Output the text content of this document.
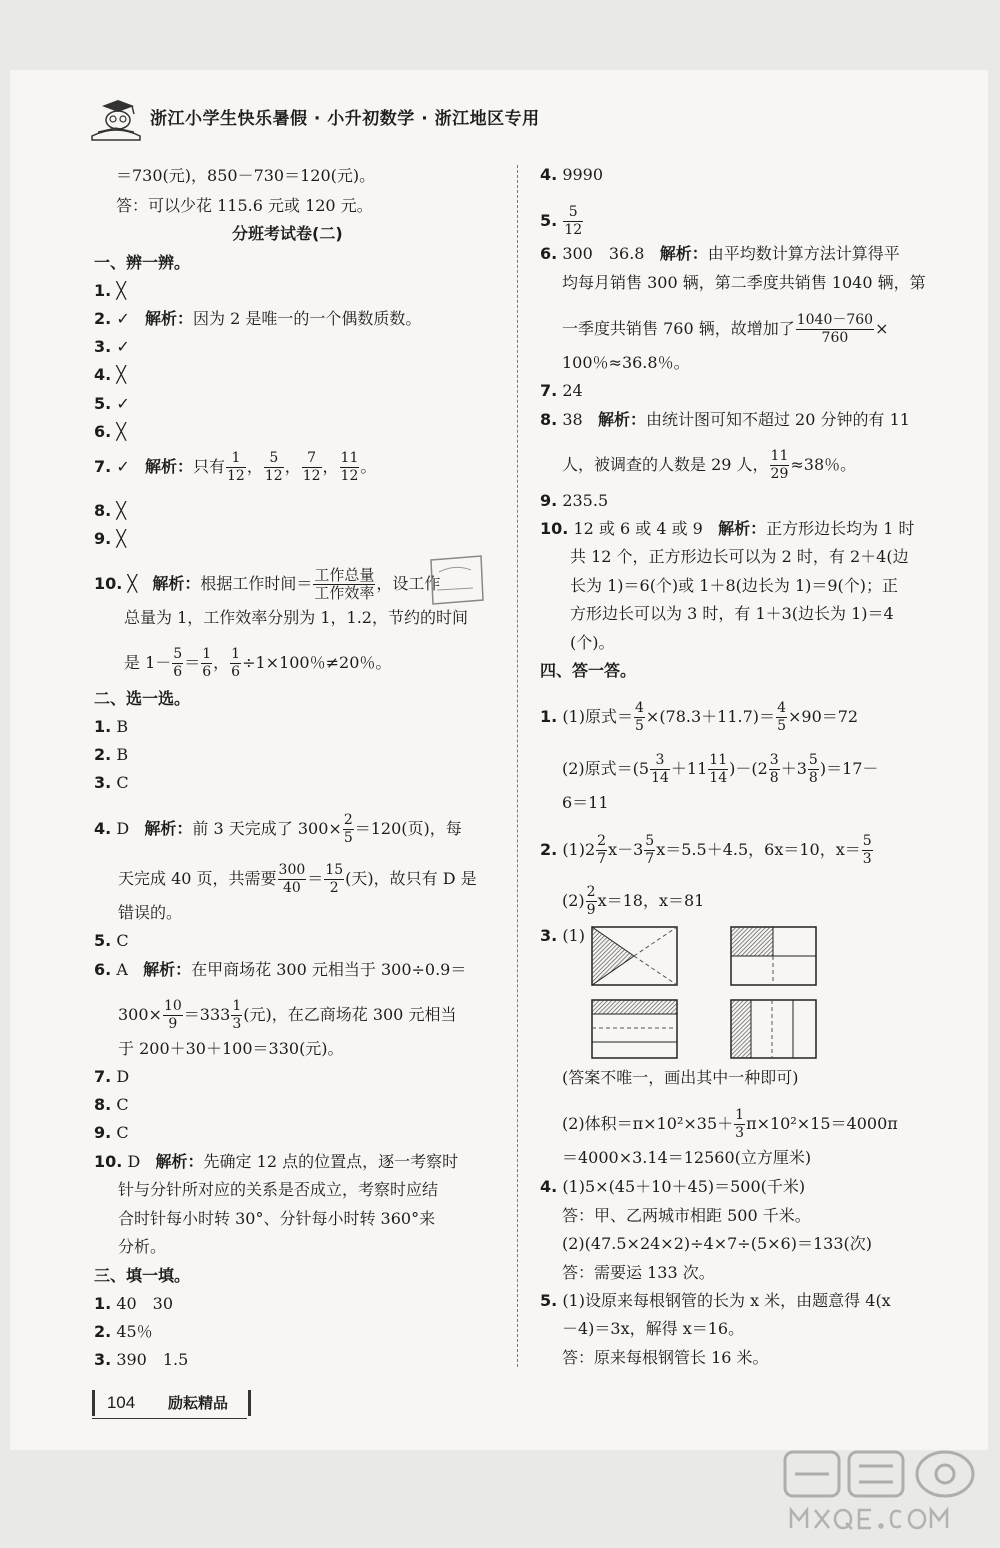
浙江小学生快乐暑假 · 小升初数学 · 浙江地区专用
＝730(元)，850－730＝120(元)。
答：可以少花 115.6 元或 120 元。
分班考试卷(二)
一、辨一辨。
1. ╳
2. ✓ 解析：因为 2 是唯一的一个偶数质数。
3. ✓
4. ╳
5. ✓
6. ╳
7. ✓ 解析：只有 $\frac{1}{12}$ ， $\frac{5}{12}$ ， $\frac{7}{12}$ ， $\frac{11}{12}$ 。
8. ╳
9. ╳
10. ╳ 解析：根据工作时间＝ $\frac{\text{工作总量}}{\text{工作效率}}$ ，设工作
总量为 1，工作效率分别为 1，1.2，节约的时间
是 $1- \frac{5}{6} = \frac{1}{6}$ ， $\frac{1}{6} \div 1\times 100$％≠20％。
二、选一选。
1. B
2. B
3. C
4. D 解析：前 3 天完成了 $300\times \frac{2}{5} =120$(页)，每
天完成 40 页，共需要 $\frac{300}{40} = \frac{15}{2}$ (天)，故只有 D 是
错误的。
5. C
6. A 解析：在甲商场花 300 元相当于 300÷0.9＝
$300\times \frac{10}{9} =333 \frac{1}{3}$ (元)，在乙商场花 300 元相当
于 200＋30＋100＝330(元)。
7. D
8. C
9. C
10. D 解析：先确定 12 点的位置点，逐一考察时
针与分针所对应的关系是否成立，考察时应结
合时针每小时转 30°、分针每小时转 360°来
分析。
三、填一填。
1. 40　30
2. 45％
3. 390　1.5
4. 9990
5. $\frac{5}{12}$
6. 300　36.8 解析：由平均数计算方法计算得平
均每月销售 300 辆，第二季度共销售 1040 辆，第
一季度共销售 760 辆，故增加了 $\frac{1040-760}{760}$ ×
100％≈36.8％。
7. 24
8. 38 解析：由统计图可知不超过 20 分钟的有 11
人，被调查的人数是 29 人， $\frac{11}{29} \approx 38$％。
9. 235.5
10. 12 或 6 或 4 或 9 解析：正方形边长均为 1 时
共 12 个，正方形边长可以为 2 时，有 2＋4(边
长为 1)＝6(个)或 1＋8(边长为 1)＝9(个)；正
方形边长可以为 3 时，有 1＋3(边长为 1)＝4
(个)。
四、答一答。
1. (1)原式＝ $\frac{4}{5} \times(78.3+11.7)= \frac{4}{5} \times 90=72$
(2)原式$=(5 \frac{3}{14} +11 \frac{11}{14} )-(2 \frac{3}{8} +3 \frac{5}{8} )=17-$
6＝11
2. $(1)2 \frac{2}{7} x-3 \frac{5}{7} x=5.5+4.5$，6x＝10，$x= \frac{5}{3}$
$(2) \frac{2}{9} x=18$，x＝81
3. (1)
(答案不唯一，画出其中一种即可)
(2)体积$=\pi\times 10^2\times 35+ \frac{1}{3} \pi\times 10^2\times 15=4000\pi$
＝4000×3.14＝12560(立方厘米)
4. (1)5×(45＋10＋45)＝500(千米)
答：甲、乙两城市相距 500 千米。
(2)(47.5×24×2)÷4×7÷(5×6)＝133(次)
答：需要运 133 次。
5. (1)设原来每根钢管的长为 x 米，由题意得 4(x
－4)＝3x，解得 x＝16。
答：原来每根钢管长 16 米。
104	励耘精品
